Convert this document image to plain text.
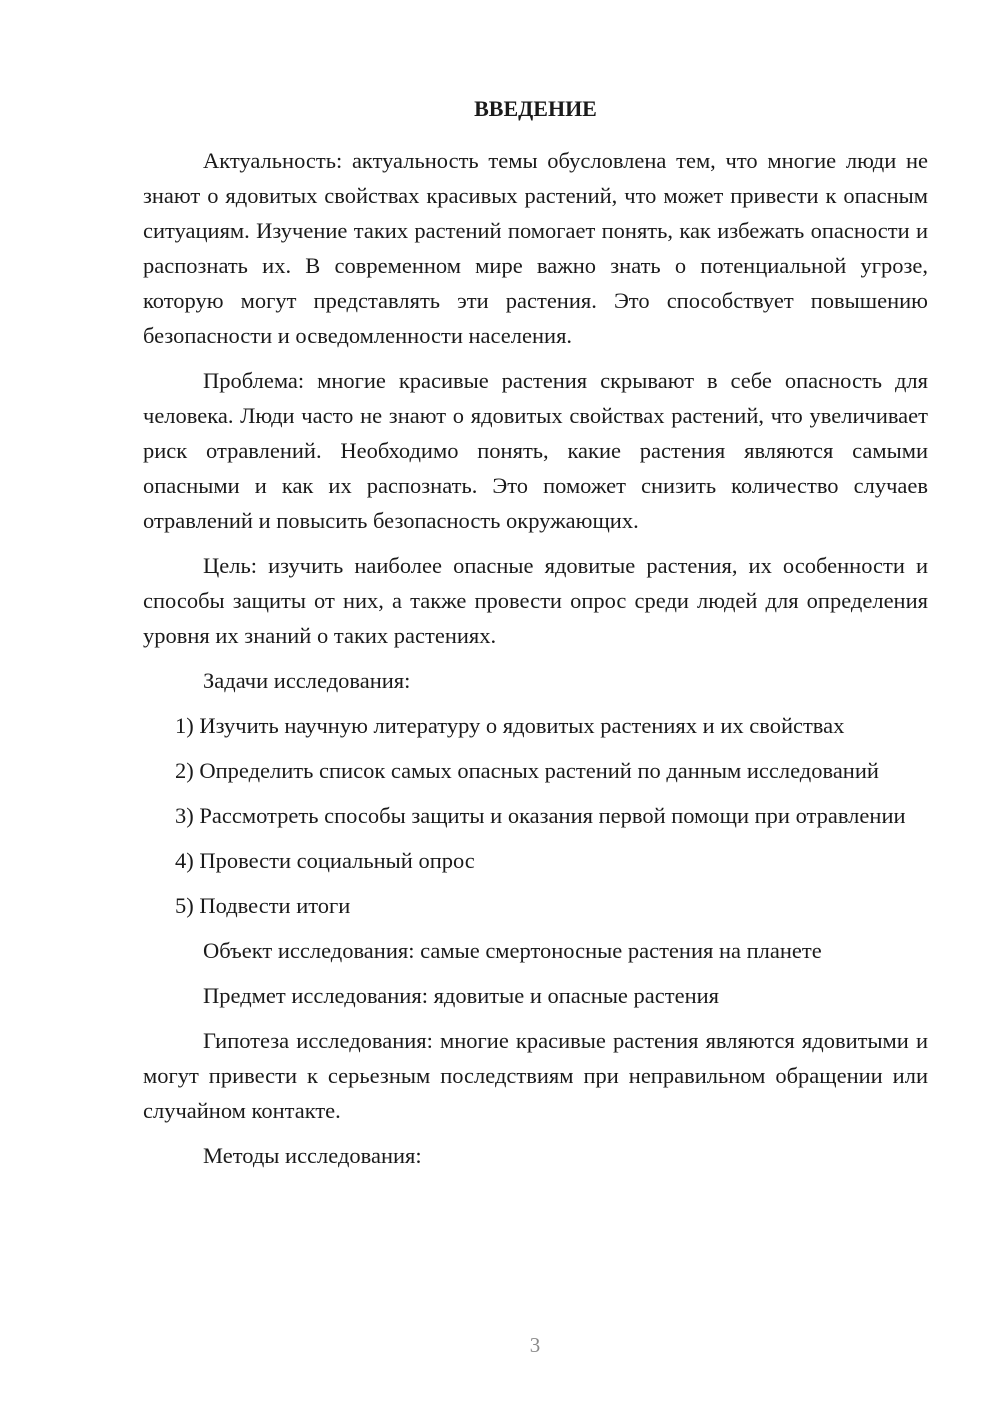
ВВЕДЕНИЕ

Актуальность: актуальность темы обусловлена тем, что многие люди не знают о ядовитых свойствах красивых растений, что может привести к опасным ситуациям. Изучение таких растений помогает понять, как избежать опасности и распознать их. В современном мире важно знать о потенциальной угрозе, которую могут представлять эти растения. Это способствует повышению безопасности и осведомленности населения.

Проблема: многие красивые растения скрывают в себе опасность для человека. Люди часто не знают о ядовитых свойствах растений, что увеличивает риск отравлений. Необходимо понять, какие растения являются самыми опасными и как их распознать. Это поможет снизить количество случаев отравлений и повысить безопасность окружающих.

Цель: изучить наиболее опасные ядовитые растения, их особенности и способы защиты от них, а также провести опрос среди людей для определения уровня их знаний о таких растениях.

Задачи исследования:

1) Изучить научную литературу о ядовитых растениях и их свойствах

2) Определить список самых опасных растений по данным исследований

3) Рассмотреть способы защиты и оказания первой помощи при отравлении

4) Провести социальный опрос

5) Подвести итоги

Объект исследования: самые смертоносные растения на планете

Предмет исследования: ядовитые и опасные растения

Гипотеза исследования: многие красивые растения являются ядовитыми и могут привести к серьезным последствиям при неправильном обращении или случайном контакте.

Методы исследования:

3
